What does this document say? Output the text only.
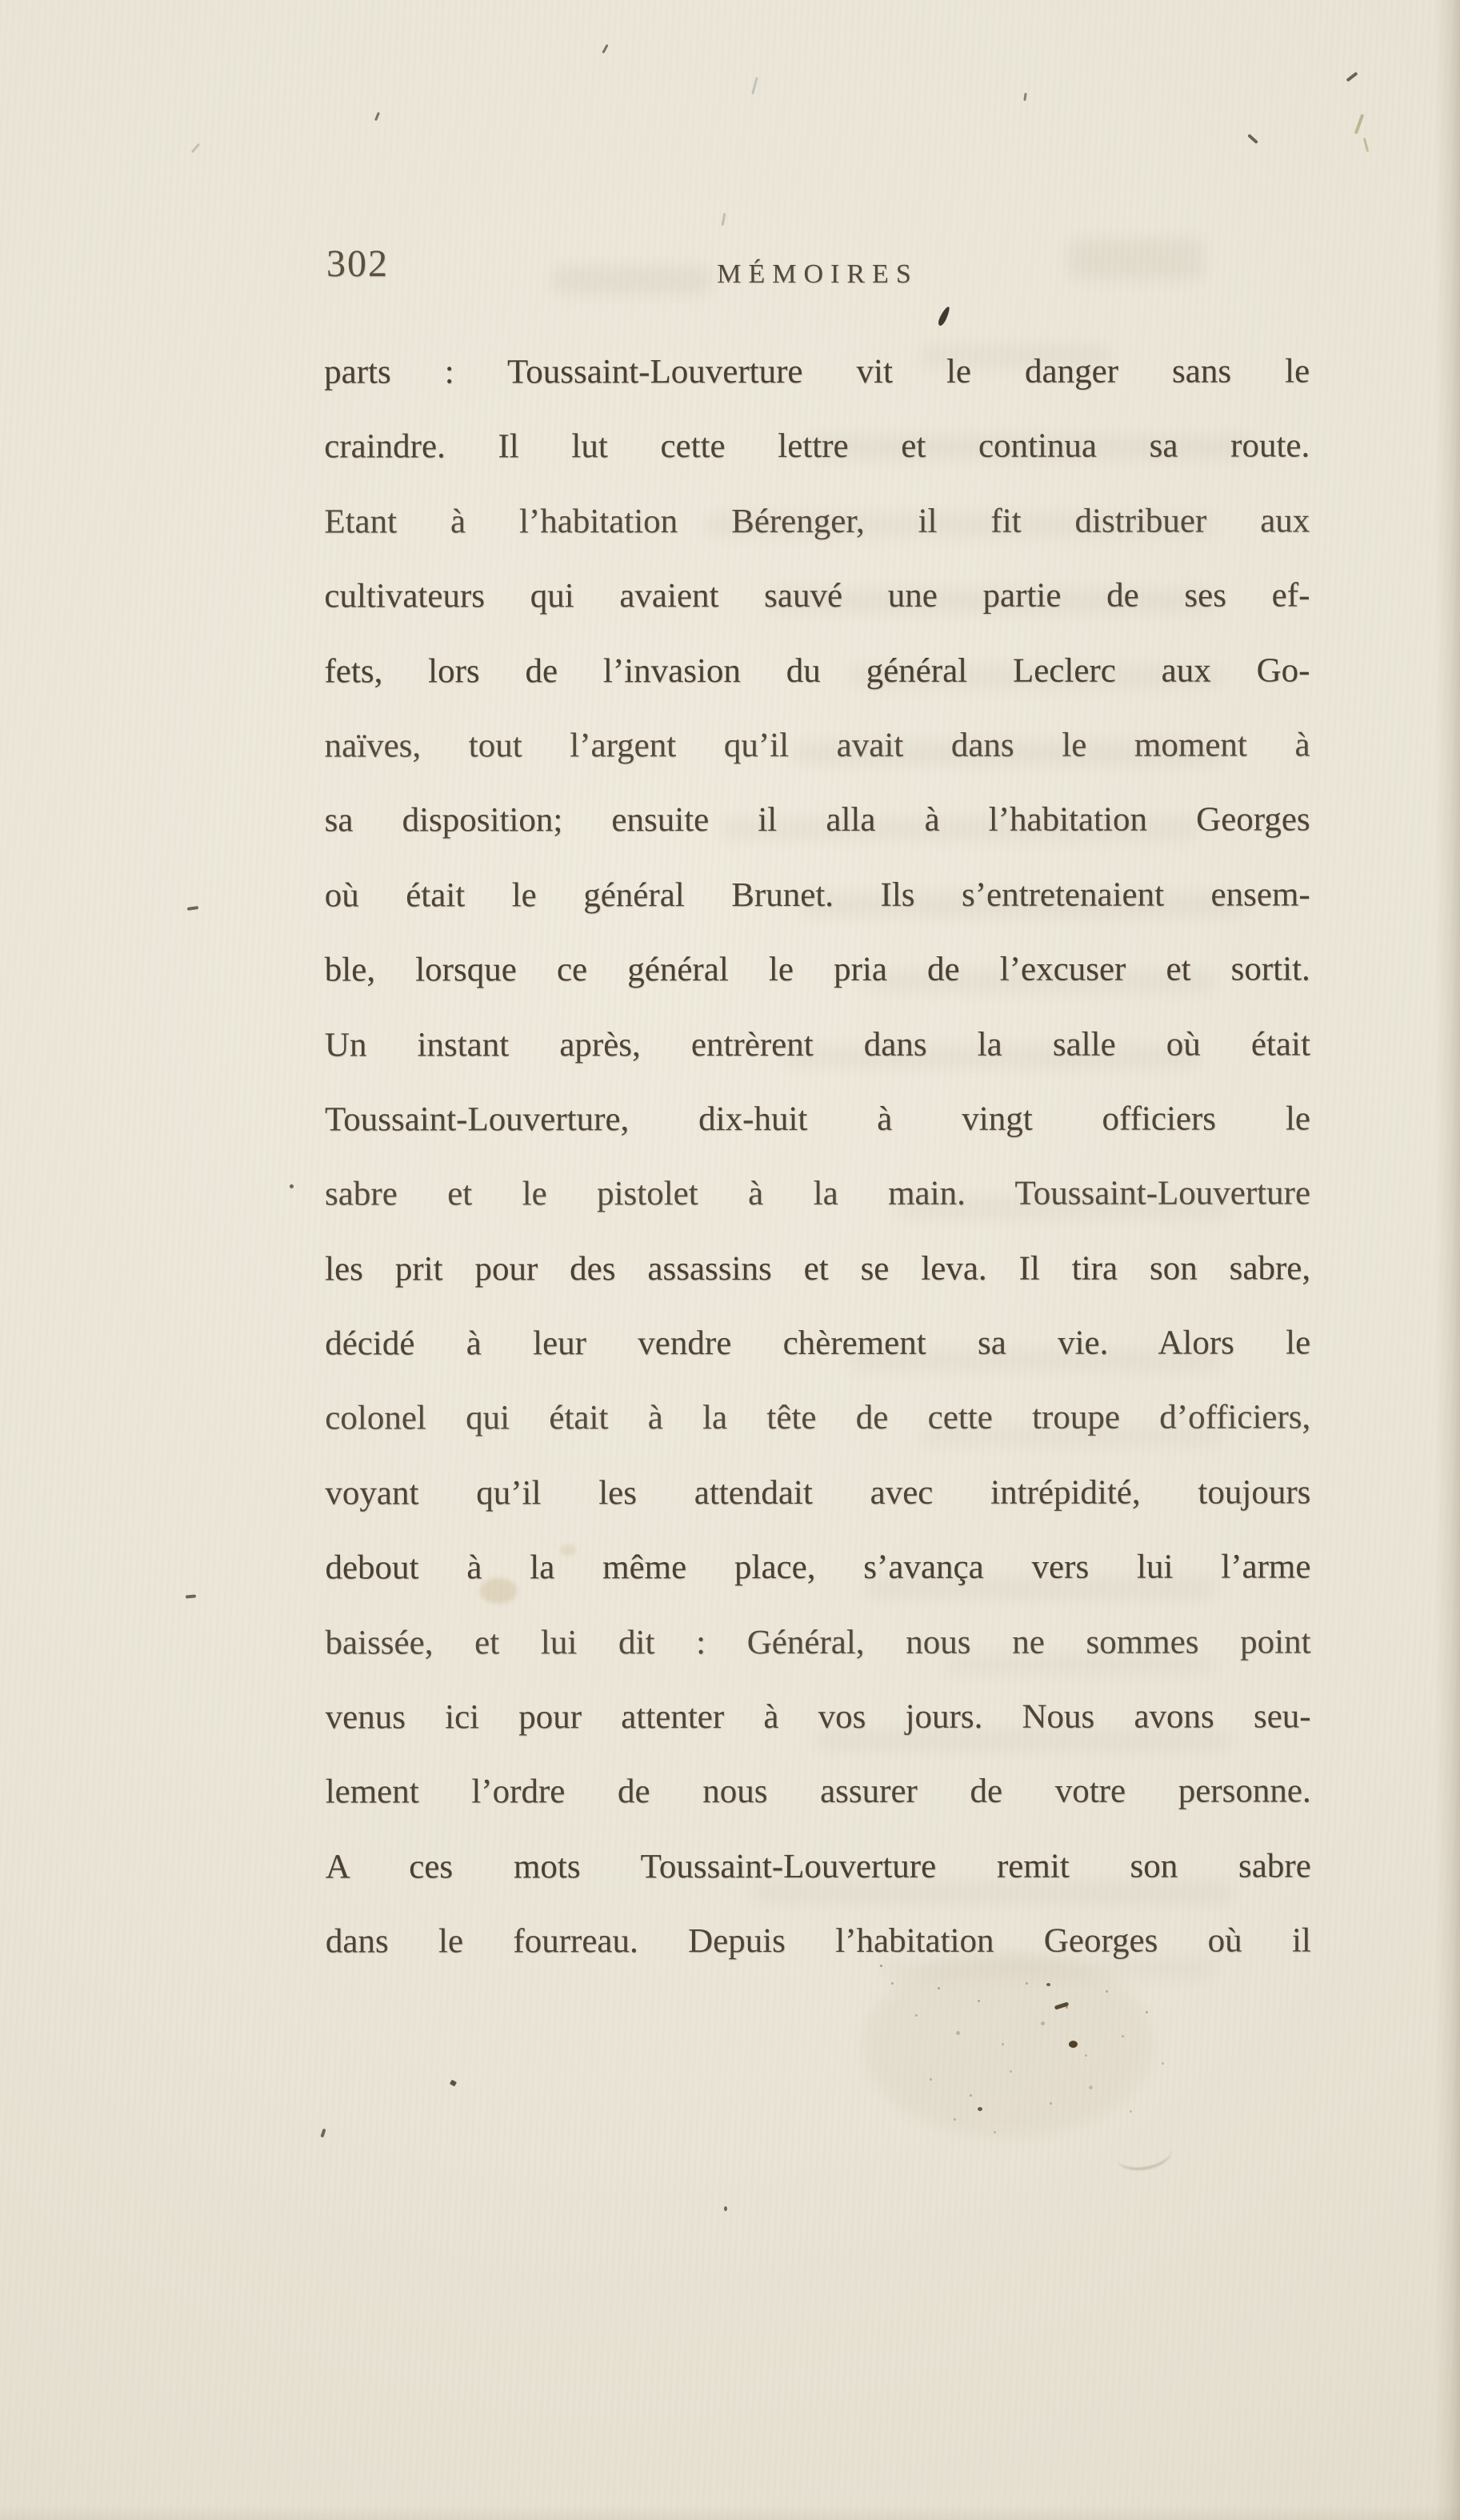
302	MÉMOIRES
parts : Toussaint-Louverture vit le danger sans le
craindre. Il lut cette lettre et continua sa route.
Etant à l’habitation Bérenger, il fit distribuer aux
cultivateurs qui avaient sauvé une partie de ses ef-
fets, lors de l’invasion du général Leclerc aux Go-
naïves, tout l’argent qu’il avait dans le moment à
sa disposition; ensuite il alla à l’habitation Georges
où était le général Brunet. Ils s’entretenaient ensem-
ble, lorsque ce général le pria de l’excuser et sortit.
Un instant après, entrèrent dans la salle où était
Toussaint-Louverture, dix-huit à vingt officiers le
sabre et le pistolet à la main. Toussaint-Louverture
les prit pour des assassins et se leva. Il tira son sabre,
décidé à leur vendre chèrement sa vie. Alors le
colonel qui était à la tête de cette troupe d’officiers,
voyant qu’il les attendait avec intrépidité, toujours
debout à la même place, s’avança vers lui l’arme
baissée, et lui dit : Général, nous ne sommes point
venus ici pour attenter à vos jours. Nous avons seu-
lement l’ordre de nous assurer de votre personne.
A ces mots Toussaint-Louverture remit son sabre
dans le fourreau. Depuis l’habitation Georges où il
